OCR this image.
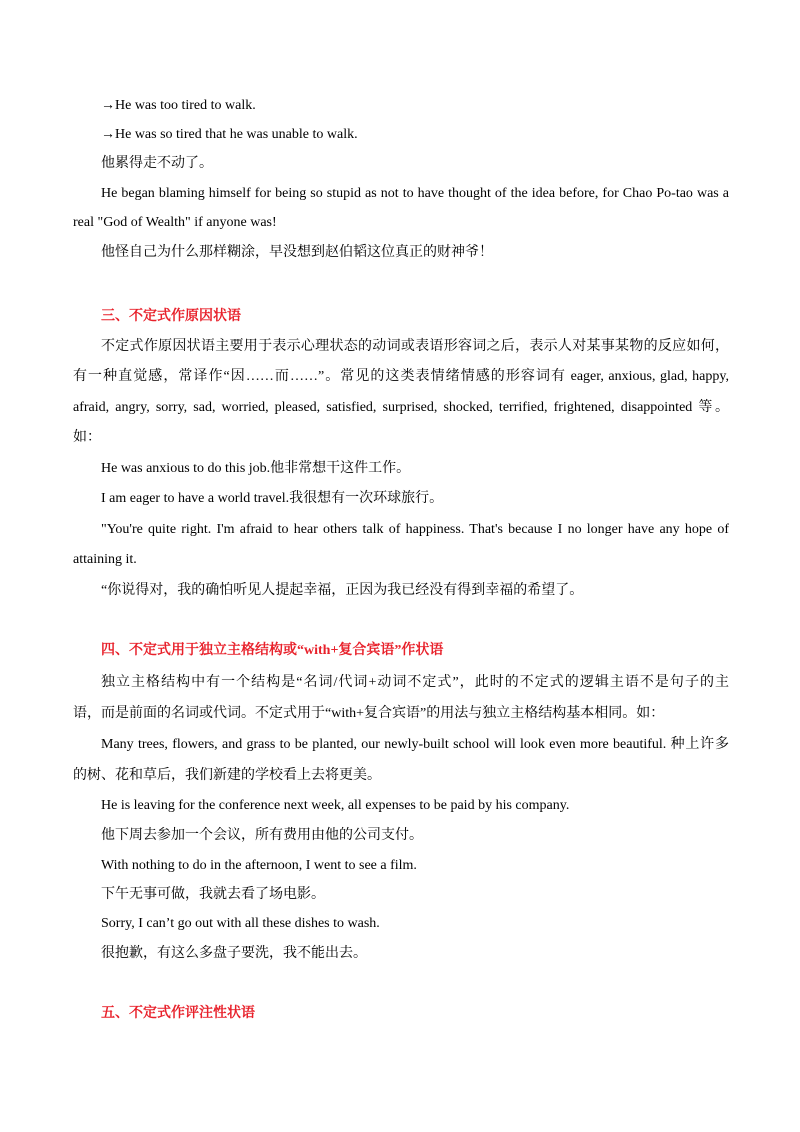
→He was too tired to walk.
→He was so tired that he was unable to walk.
他累得走不动了。
He began blaming himself for being so stupid as not to have thought of the idea before, for Chao Po-tao was a
real "God of Wealth" if anyone was!
他怪自己为什么那样糊涂，早没想到赵伯韬这位真正的财神爷！
三、不定式作原因状语
不定式作原因状语主要用于表示心理状态的动词或表语形容词之后，表示人对某事某物的反应如何，
有一种直觉感，常译作“因……而……”。常见的这类表情绪情感的形容词有 eager, anxious, glad, happy,
afraid, angry, sorry, sad, worried, pleased, satisfied, surprised, shocked, terrified, frightened, disappointed 等。
如：
He was anxious to do this job.他非常想干这件工作。
I am eager to have a world travel.我很想有一次环球旅行。
"You're quite right. I'm afraid to hear others talk of happiness. That's because I no longer have any hope of
attaining it.
“你说得对，我的确怕听见人提起幸福，正因为我已经没有得到幸福的希望了。
四、不定式用于独立主格结构或“with+复合宾语”作状语
独立主格结构中有一个结构是“名词/代词+动词不定式”，此时的不定式的逻辑主语不是句子的主
语，而是前面的名词或代词。不定式用于“with+复合宾语”的用法与独立主格结构基本相同。如：
Many trees, flowers, and grass to be planted, our newly-built school will look even more beautiful. 种上许多
的树、花和草后，我们新建的学校看上去将更美。
He is leaving for the conference next week, all expenses to be paid by his company.
他下周去参加一个会议，所有费用由他的公司支付。
With nothing to do in the afternoon, I went to see a film.
下午无事可做，我就去看了场电影。
Sorry, I can’t go out with all these dishes to wash.
很抱歉，有这么多盘子要洗，我不能出去。
五、不定式作评注性状语
